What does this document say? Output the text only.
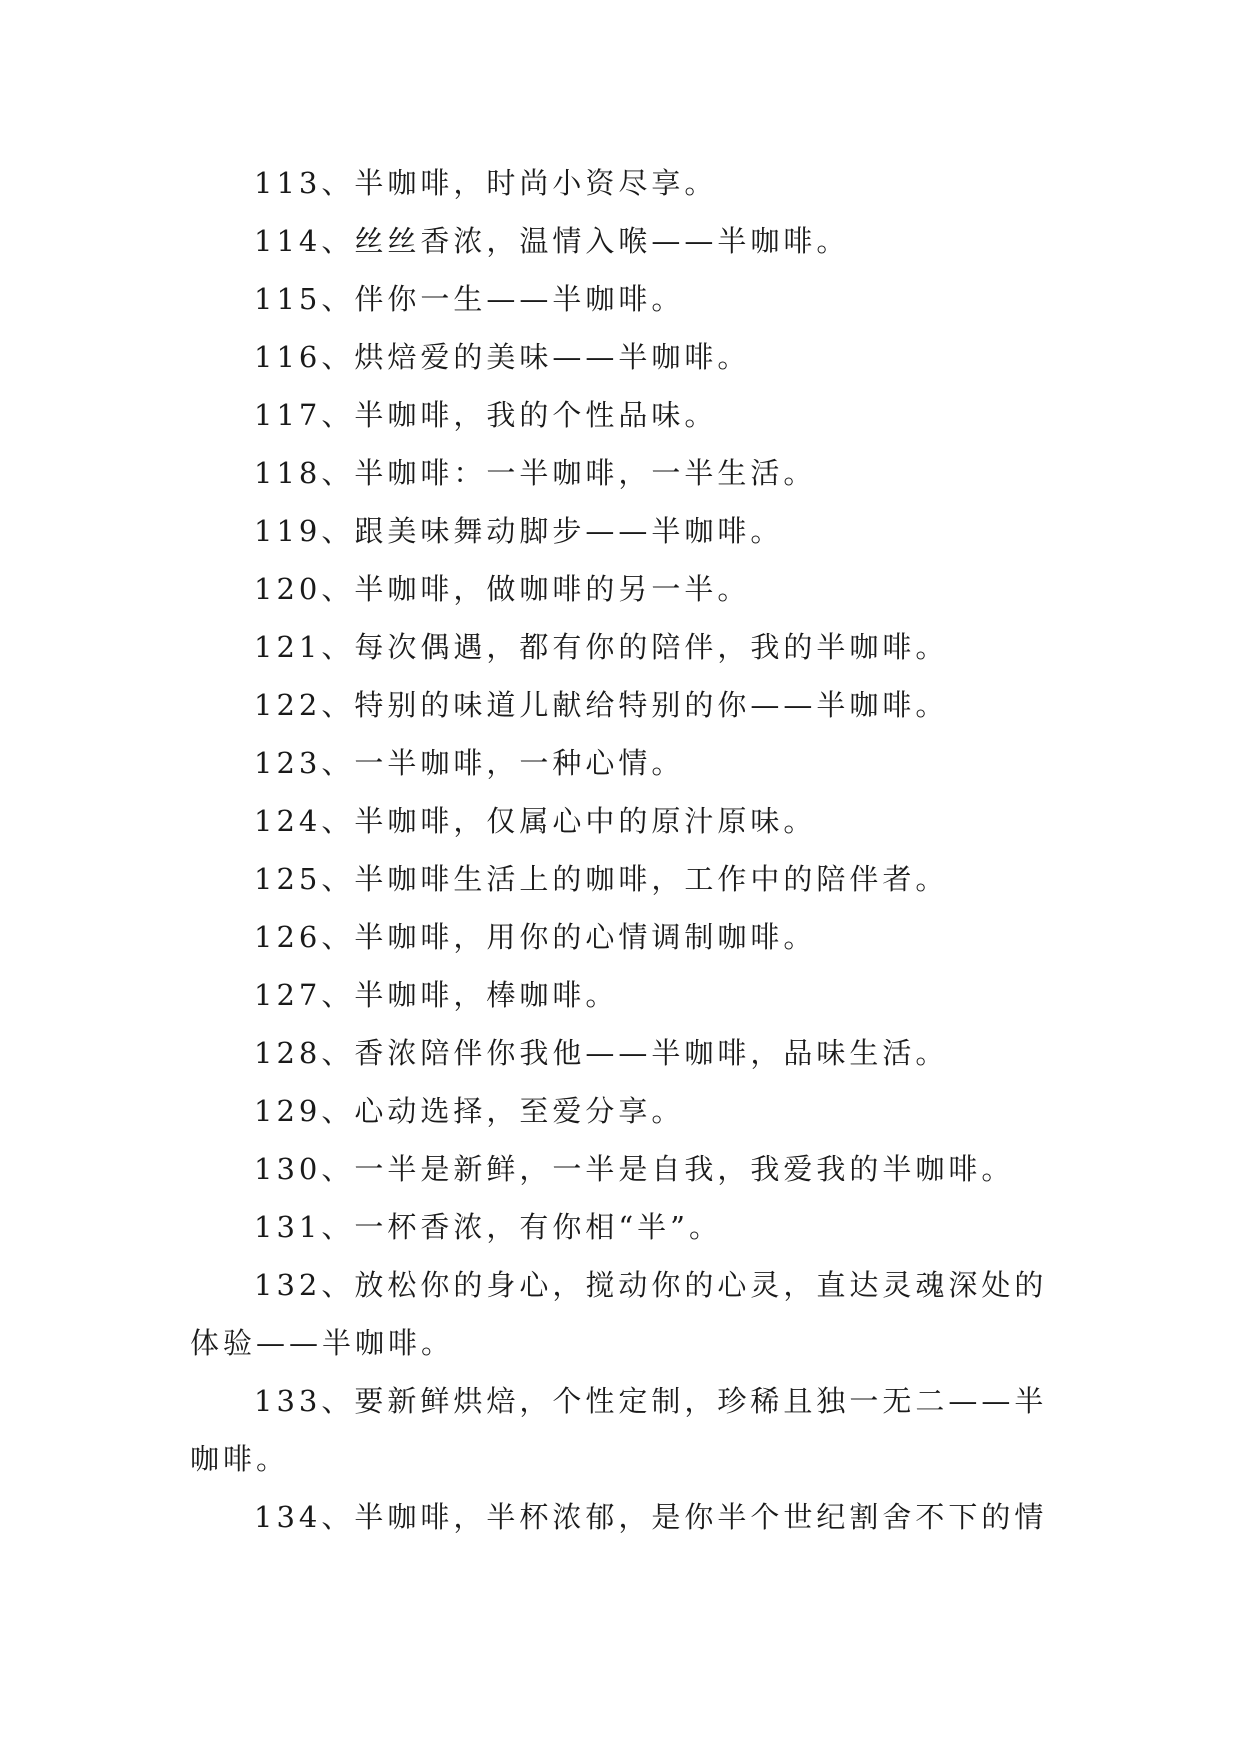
113、半咖啡，时尚小资尽享。
114、丝丝香浓，温情入喉——半咖啡。
115、伴你一生——半咖啡。
116、烘焙爱的美味——半咖啡。
117、半咖啡，我的个性品味。
118、半咖啡：一半咖啡，一半生活。
119、跟美味舞动脚步——半咖啡。
120、半咖啡，做咖啡的另一半。
121、每次偶遇，都有你的陪伴，我的半咖啡。
122、特别的味道儿献给特别的你——半咖啡。
123、一半咖啡，一种心情。
124、半咖啡，仅属心中的原汁原味。
125、半咖啡生活上的咖啡，工作中的陪伴者。
126、半咖啡，用你的心情调制咖啡。
127、半咖啡，棒咖啡。
128、香浓陪伴你我他——半咖啡，品味生活。
129、心动选择，至爱分享。
130、一半是新鲜，一半是自我，我爱我的半咖啡。
131、一杯香浓，有你相“半”。
132、放松你的身心，搅动你的心灵，直达灵魂深处的
体验——半咖啡。
133、要新鲜烘焙，个性定制，珍稀且独一无二——半
咖啡。
134、半咖啡，半杯浓郁，是你半个世纪割舍不下的情
